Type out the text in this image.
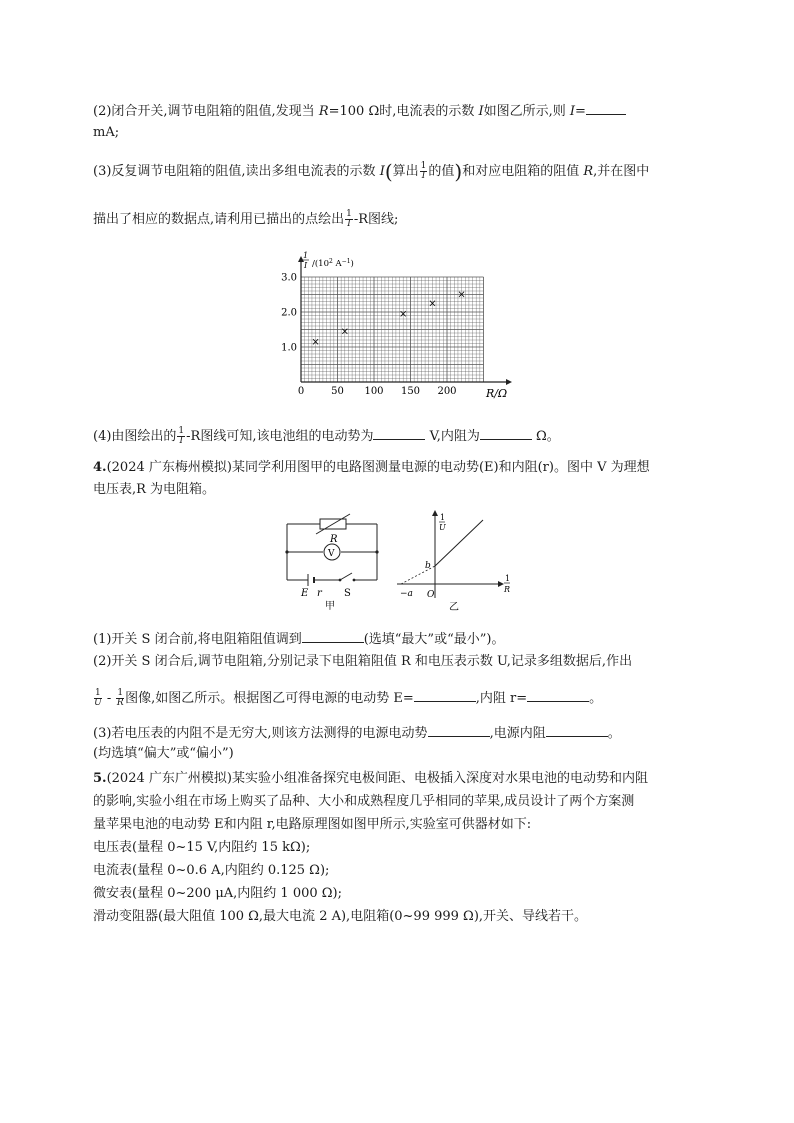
(2)闭合开关,调节电阻箱的阻值,发现当 R=100 Ω时,电流表的示数 I如图乙所示,则 I=
mA;
(3)反复调节电阻箱的阻值,读出多组电流表的示数 I(算出 $\frac{1}{I}$ 的值)和对应电阻箱的阻值 R,并在图中
描出了相应的数据点,请利用已描出的点绘出 $\frac{1}{I} -R$图线;
1
I $/(10^2$ $A^{-1}$)
R/Ω
1.0
2.0
3.0
0	50 100 150 200
×
×
×
×
×
(4)由图绘出的 $\frac{1}{I} -R$图线可知,该电池组的电动势为	V,内阻为	Ω。
4.(2024 广东梅州模拟)某同学利用图甲的电路图测量电源的电动势(E)和内阻(r)。图中 V 为理想
电压表,R 为电阻箱。
R
V
E r S
甲
1
U
1
R
b
−a O
乙
(1)开关 S 闭合前,将电阻箱阻值调到	(选填“最大”或“最小”)。
(2)开关 S 闭合后,调节电阻箱,分别记录下电阻箱阻值 R 和电压表示数 U,记录多组数据后,作出
$\frac{1}{U} - \frac{1}{R}$ 图像,如图乙所示。根据图乙可得电源的电动势 E=	,内阻 r=	。
(3)若电压表的内阻不是无穷大,则该方法测得的电源电动势	,电源内阻	。
(均选填“偏大”或“偏小”)
5.(2024 广东广州模拟)某实验小组准备探究电极间距、电极插入深度对水果电池的电动势和内阻
的影响,实验小组在市场上购买了品种、大小和成熟程度几乎相同的苹果,成员设计了两个方案测
量苹果电池的电动势 E和内阻 r,电路原理图如图甲所示,实验室可供器材如下:
电压表(量程 0~15 V,内阻约 15 kΩ);
电流表(量程 0~0.6 A,内阻约 0.125 Ω);
微安表(量程 0~200 μA,内阻约 1 000 Ω);
滑动变阻器(最大阻值 100 Ω,最大电流 2 A),电阻箱(0~99 999 Ω),开关、导线若干。
